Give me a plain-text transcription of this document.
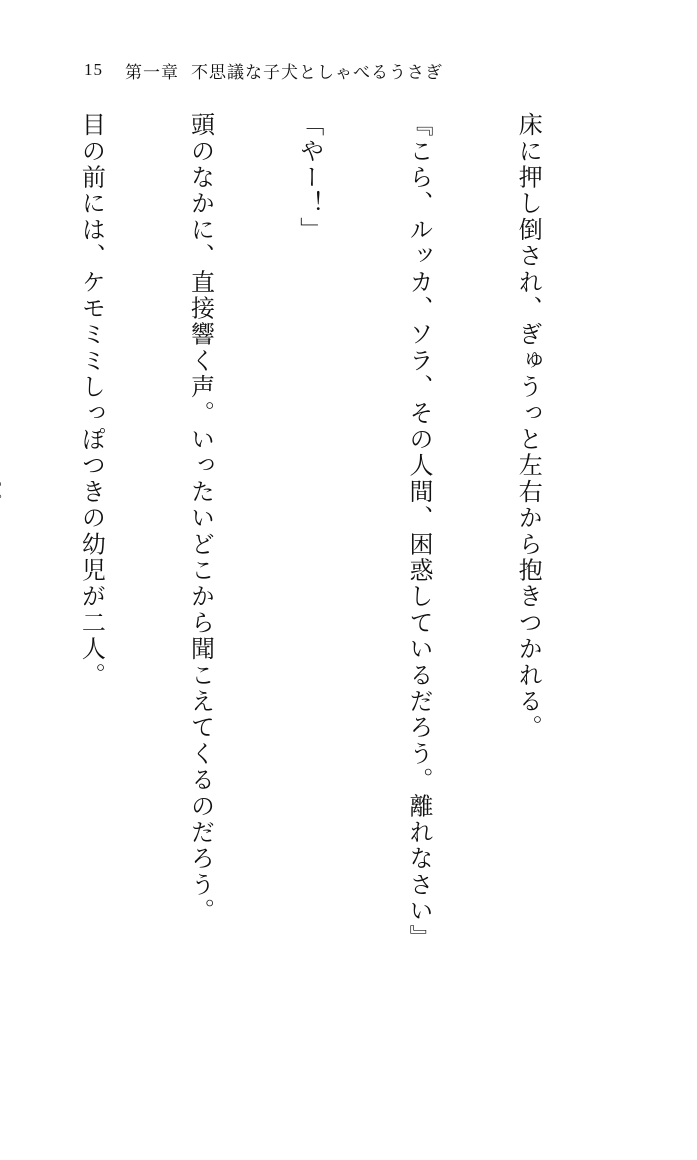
15 第一章 不思議な子犬としゃべるうさぎ

床に押し倒され、ぎゅうっと左右から抱きつかれる。

『こら、ルッカ、ソラ、その人間、困惑しているだろう。離れなさい』

「やー！」

頭のなかに、直接響く声。いったいどこから聞こえてくるのだろう。

目の前には、ケモミミしっぽつきの幼児が二人。
